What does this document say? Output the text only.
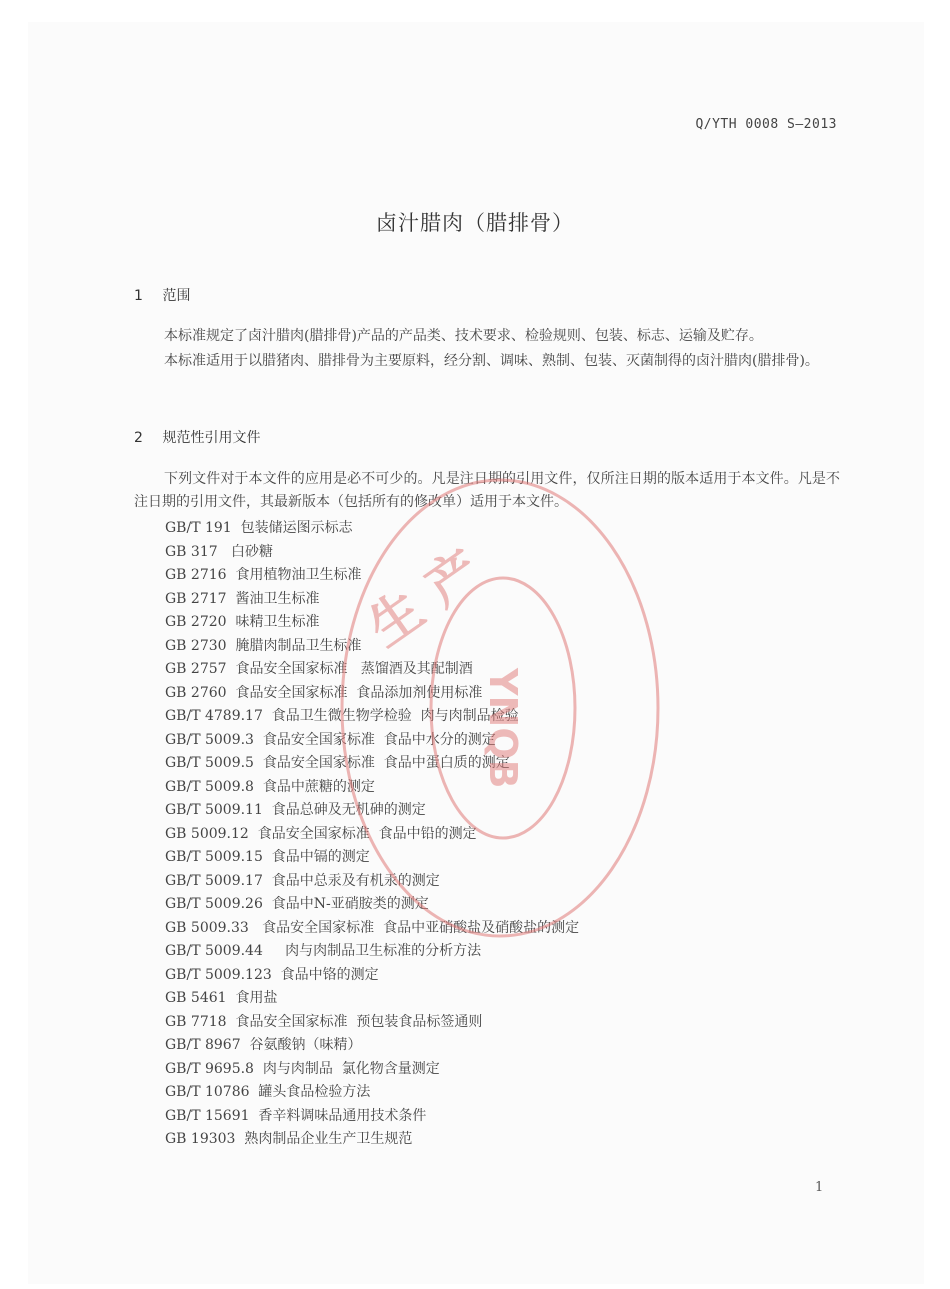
Q/YTH 0008 S—2013
卤汁腊肉（腊排骨）
1 范围
本标准规定了卤汁腊肉(腊排骨)产品的产品类、技术要求、检验规则、包装、标志、运输及贮存。
本标准适用于以腊猪肉、腊排骨为主要原料，经分割、调味、熟制、包装、灭菌制得的卤汁腊肉(腊排骨)。
2 规范性引用文件
下列文件对于本文件的应用是必不可少的。凡是注日期的引用文件，仅所注日期的版本适用于本文件。凡是不注日期的引用文件，其最新版本（包括所有的修改单）适用于本文件。
GB/T 191  包装储运图示标志
GB 317   白砂糖
GB 2716  食用植物油卫生标准
GB 2717  酱油卫生标准
GB 2720  味精卫生标准
GB 2730  腌腊肉制品卫生标准
GB 2757  食品安全国家标准   蒸馏酒及其配制酒
GB 2760  食品安全国家标准  食品添加剂使用标准
GB/T 4789.17  食品卫生微生物学检验  肉与肉制品检验
GB/T 5009.3  食品安全国家标准  食品中水分的测定
GB/T 5009.5  食品安全国家标准  食品中蛋白质的测定
GB/T 5009.8  食品中蔗糖的测定
GB/T 5009.11  食品总砷及无机砷的测定
GB 5009.12  食品安全国家标准  食品中铅的测定
GB/T 5009.15  食品中镉的测定
GB/T 5009.17  食品中总汞及有机汞的测定
GB/T 5009.26  食品中N-亚硝胺类的测定
GB 5009.33   食品安全国家标准  食品中亚硝酸盐及硝酸盐的测定
GB/T 5009.44     肉与肉制品卫生标准的分析方法
GB/T 5009.123  食品中铬的测定
GB 5461  食用盐
GB 7718  食品安全国家标准  预包装食品标签通则
GB/T 8967  谷氨酸钠（味精）
GB/T 9695.8  肉与肉制品  氯化物含量测定
GB/T 10786  罐头食品检验方法
GB/T 15691  香辛料调味品通用技术条件
GB 19303  熟肉制品企业生产卫生规范
YNQB
生 产
1
